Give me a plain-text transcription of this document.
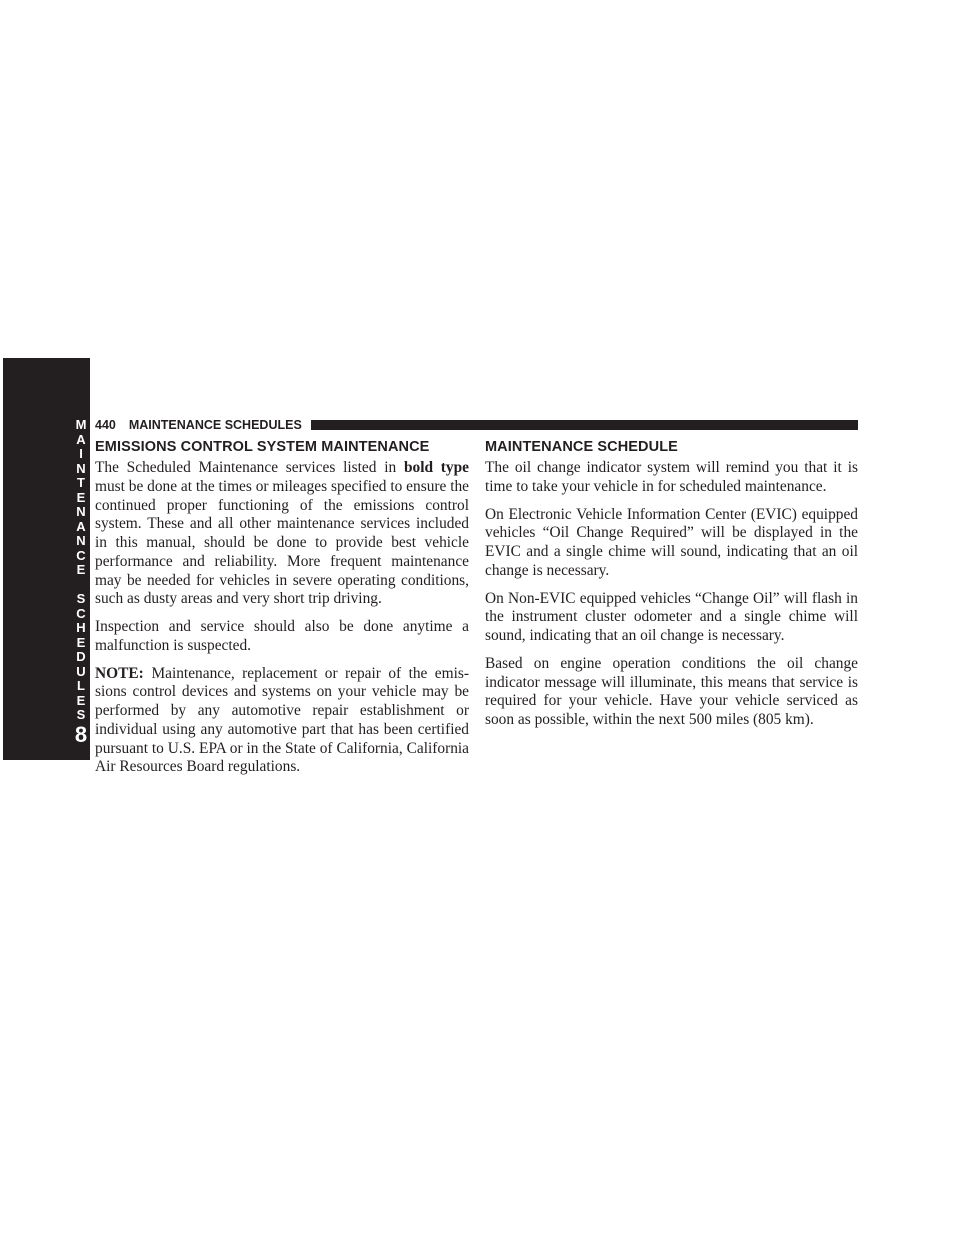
M
A
I
N
T
E
N
A
N
C
E
S
C
H
E
D
U
L
E
S
8
440 MAINTENANCE SCHEDULES
EMISSIONS CONTROL SYSTEM MAINTENANCE

The Scheduled Maintenance services listed in bold type must be done at the times or mileages specified to ensure the continued proper functioning of the emissions control system. These and all other maintenance services included in this manual, should be done to provide best vehicle performance and reliability. More frequent maintenance may be needed for vehicles in severe operating conditions, such as dusty areas and very short trip driving.

Inspection and service should also be done anytime a malfunction is suspected.

NOTE: Maintenance, replacement or repair of the emissions control devices and systems on your vehicle may be performed by any automotive repair establishment or individual using any automotive part that has been certified pursuant to U.S. EPA or in the State of California, California Air Resources Board regulations.

MAINTENANCE SCHEDULE

The oil change indicator system will remind you that it is time to take your vehicle in for scheduled maintenance.

On Electronic Vehicle Information Center (EVIC) equipped vehicles “Oil Change Required” will be displayed in the EVIC and a single chime will sound, indicating that an oil change is necessary.

On Non-EVIC equipped vehicles “Change Oil” will flash in the instrument cluster odometer and a single chime will sound, indicating that an oil change is necessary.

Based on engine operation conditions the oil change indicator message will illuminate, this means that service is required for your vehicle. Have your vehicle serviced as soon as possible, within the next 500 miles (805 km).
